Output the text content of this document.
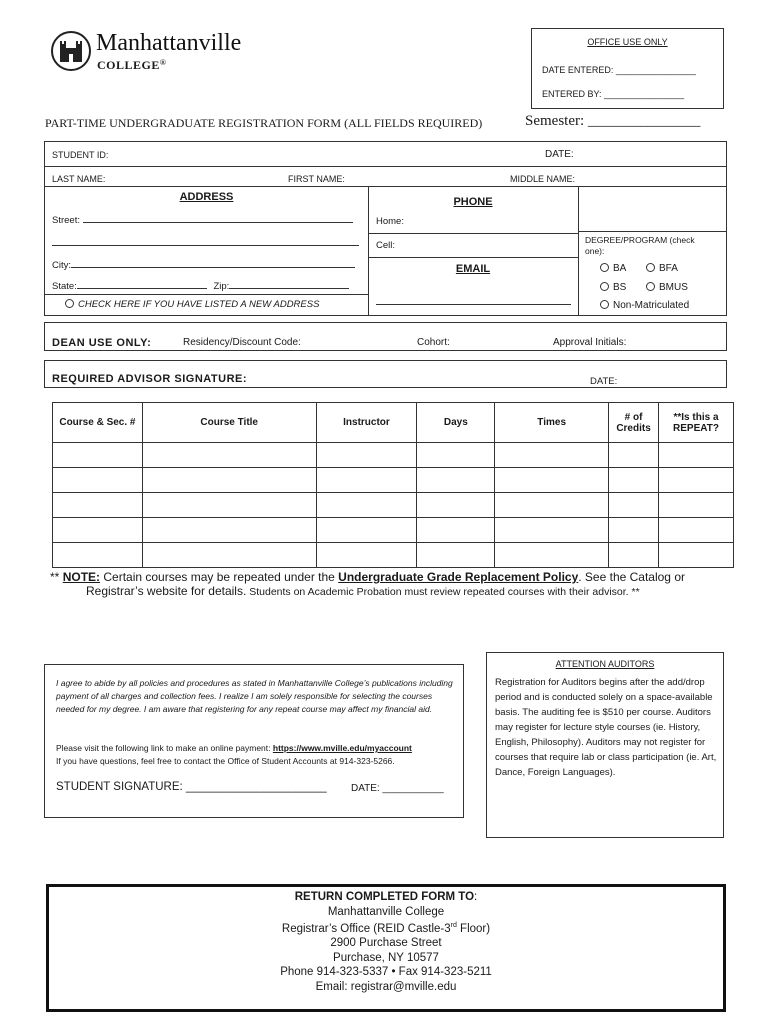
Manhattanville
COLLEGE®
OFFICE USE ONLY
DATE ENTERED: ________________
ENTERED BY: ________________
PART-TIME UNDERGRADUATE REGISTRATION FORM (ALL FIELDS REQUIRED)	Semester: _______________
STUDENT ID:	DATE:
LAST NAME:	FIRST NAME:	MIDDLE NAME:
ADDRESS
Street:
City:
State:	Zip:
CHECK HERE IF YOU HAVE LISTED A NEW ADDRESS
PHONE
Home:
Cell:
EMAIL
DEGREE/PROGRAM (check one):
BA	BFA
BS	BMUS
Non-Matriculated
DEAN USE ONLY:	Residency/Discount Code:	Cohort:	Approval Initials:
REQUIRED ADVISOR SIGNATURE:	DATE:
Course & Sec. #	Course Title	Instructor	Days	Times	# of Credits	**Is this a REPEAT?

** NOTE: Certain courses may be repeated under the Undergraduate Grade Replacement Policy. See the Catalog or
Registrar’s website for details. Students on Academic Probation must review repeated courses with their advisor. **
I agree to abide by all policies and procedures as stated in Manhattanville College’s publications including payment of all charges and collection fees. I realize I am solely responsible for selecting the courses needed for my degree. I am aware that registering for any repeat course may affect my financial aid.
Please visit the following link to make an online payment: https://www.mville.edu/myaccount
If you have questions, feel free to contact the Office of Student Accounts at 914-323-5266.
STUDENT SIGNATURE: ______________________ DATE: ___________
ATTENTION AUDITORS
Registration for Auditors begins after the add/drop period and is conducted solely on a space-available basis. The auditing fee is $510 per course. Auditors may register for lecture style courses (ie. History, English, Philosophy). Auditors may not register for courses that require lab or class participation (ie. Art, Dance, Foreign Languages).
RETURN COMPLETED FORM TO:
Manhattanville College
Registrar’s Office (REID Castle-3rd Floor)
2900 Purchase Street
Purchase, NY 10577
Phone 914-323-5337 • Fax 914-323-5211
Email: registrar@mville.edu
